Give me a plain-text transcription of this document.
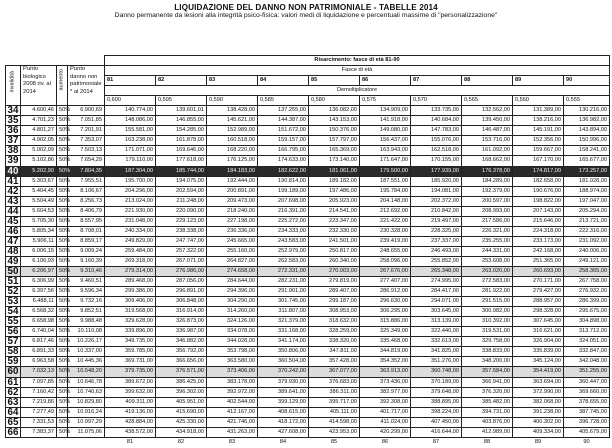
LIQUIDAZIONE DEL DANNO NON PATRIMONIALE - TABELLE 2014
Danno permanente da lesioni alla integrità psico-fisica: valori medi di liquidazione e percentuali massime di "personalizzazione"
				Risarcimento: fasce di età 81-90									

invalidità	Punto biologico 2008 riv. al 2014	aumento	Punto danno non patrimoniale * al 2014	Fasce di età									
				81	82	83	84	85	86	87	88	89	90
				Demoltiplicatore									
				0,600	0,595	0,590	0,585	0,580	0,575	0,570	0,565	0,560	0,555
34	4.600,46	50%	6.900,69	140.774,00	139.601,01	138.428,00	137.255,00	136.082,00	134.909,00	133.735,00	132.562,00	131.389,00	130.216,00
35	4.701,23	50%	7.051,85	148.086,00	146.855,00	145.621,00	144.387,00	143.153,00	141.918,00	140.684,00	139.450,00	138.216,00	136.982,00
36	4.801,27	50%	7.201,91	155.581,00	154.285,00	152.989,00	151.672,00	150.376,00	149.080,00	147.783,00	146.487,00	145.191,00	143.894,00
37	4.902,05	50%	7.353,07	163.238,00	161.878,00	160.518,00	159.157,00	157.797,00	156.437,00	155.076,00	153.716,00	152.356,00	150.996,00
38	5.002,09	50%	7.503,13	171.071,00	169.646,00	168.220,00	166.795,00	165.369,00	163.943,00	162.518,00	161.092,00	159.667,00	158.241,00
39	5.102,86	50%	7.654,29	179.110,00	177.618,00	176.125,00	174.633,00	173.140,00	171.647,00	170.155,00	168.662,00	167.170,00	165.677,00
40	5.202,90	50%	7.804,35	187.304,00	185.744,00	184.183,00	182.622,00	181.061,00	179.500,00	177.939,00	176.378,00	174.817,00	173.257,00
41	5.303,67	50%	7.955,51	195.700,00	194.075,00	192.444,00	190.814,00	189.182,00	187.551,00	185.920,00	184.289,00	182.658,00	181.028,00
42	5.404,45	50%	8.106,67	204.296,00	202.594,00	200.891,00	199.189,00	197.486,00	195.784,00	194.081,00	192.379,00	190.676,00	188.974,00
43	5.504,49	50%	8.256,73	213.024,00	211.248,00	209.473,00	207.698,00	205.923,00	204.148,00	202.372,00	200.597,00	198.822,00	197.047,00
44	5.604,53	50%	8.406,79	221.930,00	220.090,00	218.240,00	216.391,00	214.541,00	212.692,00	210.842,00	208.993,00	207.143,00	205.294,00
45	5.705,30	50%	8.557,95	231.048,00	229.123,00	227.198,00	225.272,00	223.347,00	221.422,00	219.497,00	217.586,00	215.646,00	213.721,00
46	5.805,34	50%	8.708,01	240.334,00	238.338,00	236.336,00	234.333,00	232.330,00	230.328,00	228.325,00	226.321,00	224.318,00	222.316,00
47	5.906,11	50%	8.859,17	249.829,00	247.747,00	245.665,00	243.583,00	241.501,00	239.419,00	237.337,00	235.255,00	233.173,00	231.092,00
48	6.006,15	50%	9.009,24	259.484,00	257.322,00	255.160,00	252.979,00	250.817,00	248.655,00	246.493,00	244.331,00	242.168,00	240.006,00
49	6.106,93	50%	9.160,39	269.318,00	267.071,00	264.827,00	262.583,00	260.340,00	258.096,00	255.852,00	253.608,00	251.365,00	249.121,00
50	6.206,97	50%	9.310,46	279.314,00	276.986,00	274.658,00	272.331,00	270.003,00	267.676,00	265.348,00	263.020,00	260.693,00	258.365,00
51	6.306,99	50%	9.460,51	289.468,00	287.056,00	284.644,00	282.231,00	279.819,00	277.407,00	274.995,00	272.583,00	270.171,00	267.758,00
52	6.397,56	50%	9.596,34	299.386,00	296.891,00	294.396,00	291.901,00	289.407,00	286.912,00	284.417,00	281.922,00	279.427,00	276.932,00
53	6.488,11	50%	9.732,16	309.406,00	306.848,00	304.290,00	301.745,00	299.187,00	296.630,00	294.071,00	291.515,00	288.957,00	286.399,00
54	6.568,32	50%	9.852,51	319.568,00	316.914,00	314.260,00	311.807,00	308.953,00	306.295,00	303.645,00	300.982,00	298.328,00	295.675,00
55	6.658,98	50%	9.988,48	329.628,00	326.873,00	324.126,00	321.379,00	318.632,00	315.886,00	313.139,00	310.392,00	307.645,00	304.898,00
56	6.740,04	50%	10.110,08	339.896,00	336.987,00	334.078,00	331.168,00	328.259,00	325.349,00	322.440,00	319.531,00	316.621,00	313.712,00
57	6.817,46	50%	10.226,17	349.735,00	346.882,00	344.028,00	341.174,00	338.320,00	335.468,00	332.613,00	329.758,00	326.904,00	324.051,00
58	6.891,33	50%	10.337,00	359.785,00	356.792,00	353.798,00	350.806,00	347.811,00	344.819,00	341.825,00	338.833,00	335.839,00	332.847,00
59	6.963,58	50%	10.445,36	369.731,00	366.656,00	363.580,00	360.504,00	357.428,00	354.352,00	351.276,00	348.200,00	345.124,00	342.048,00
60	7.032,13	50%	10.548,20	379.735,00	376.571,00	373.406,00	370.242,00	367.077,00	363.913,00	360.748,00	357.584,00	354.419,00	351.255,00
61	7.097,85	50%	10.646,78	389.672,00	386.425,00	383.178,00	379.930,00	376.683,00	373.436,00	370.189,00	366.941,00	363.694,00	360.447,00
62	7.160,42	50%	10.740,63	399.632,00	396.302,00	392.972,00	389.641,00	386.311,00	382.977,00	379.648,00	376.320,00	372.990,00	369.660,00
63	7.219,86	50%	10.829,80	409.311,00	405.951,00	402.544,00	399.129,00	395.717,00	392.308,00	388.895,00	385.482,00	382.068,00	378.655,00
64	7.277,49	50%	10.916,24	419.136,00	415.690,00	412.167,00	408.615,00	405.111,00	401.717,00	398.224,00	394.731,00	391.238,00	387.745,00
65	7.331,53	50%	10.997,29	428.884,00	425.330,00	421.746,00	418.172,00	414.598,00	411.024,00	407.450,00	403.876,00	400.302,00	396.728,00
66	7.383,37	50%	11.075,06	438.572,00	434.918,00	431.263,00	427.608,00	423.953,00	420.299,00	416.644,00	412.989,00	409.334,00	405.679,00
				81	82	83	84	85	86	87	88	89	90
